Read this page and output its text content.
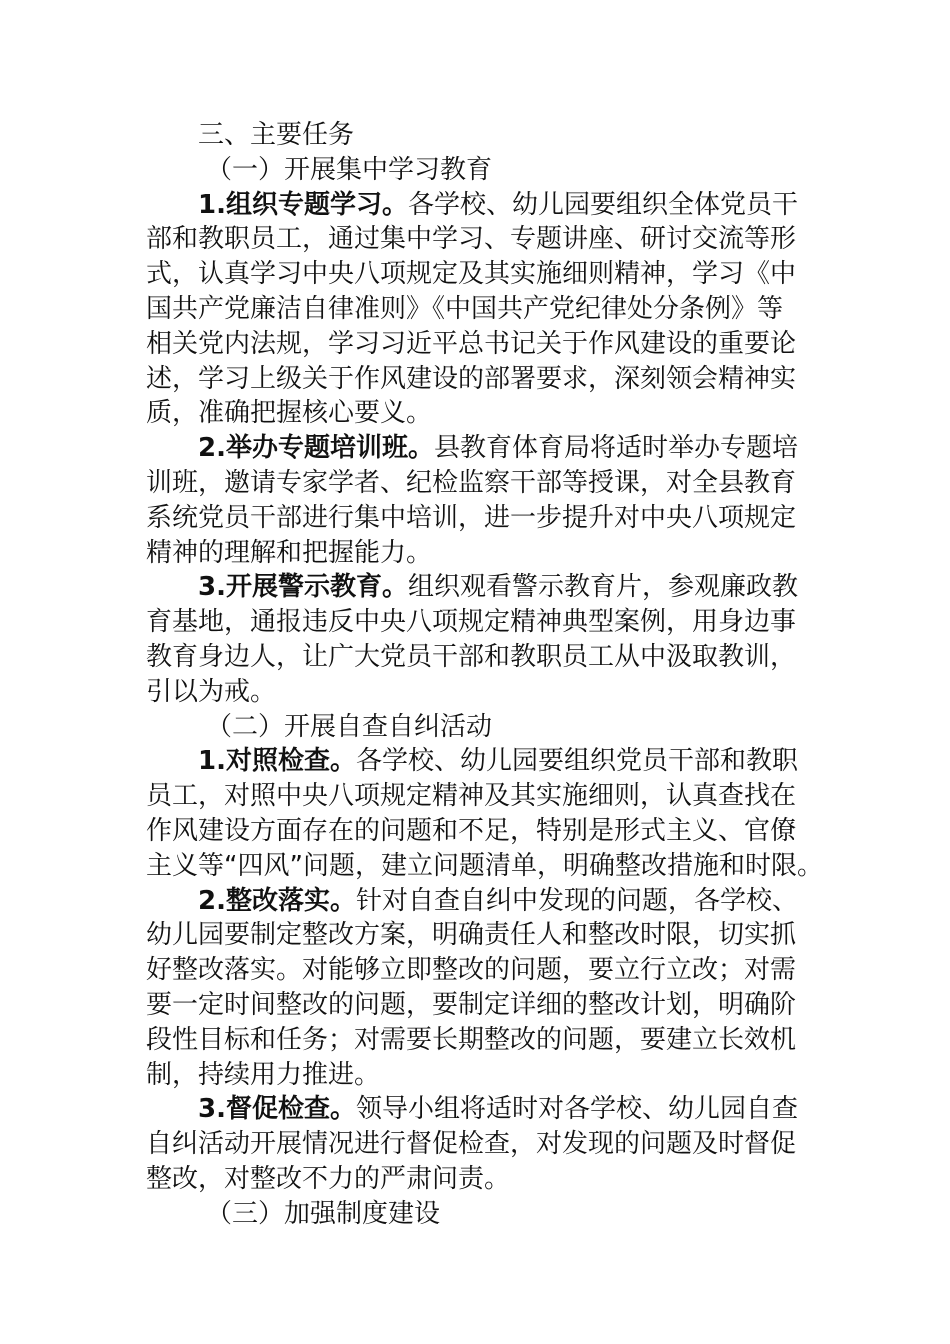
三、主要任务

（一）开展集中学习教育

1.组织专题学习。各学校、幼儿园要组织全体党员干

部和教职员工，通过集中学习、专题讲座、研讨交流等形

式，认真学习中央八项规定及其实施细则精神，学习《中

国共产党廉洁自律准则》《中国共产党纪律处分条例》等

相关党内法规，学习习近平总书记关于作风建设的重要论

述，学习上级关于作风建设的部署要求，深刻领会精神实

质，准确把握核心要义。

2.举办专题培训班。县教育体育局将适时举办专题培

训班，邀请专家学者、纪检监察干部等授课，对全县教育

系统党员干部进行集中培训，进一步提升对中央八项规定

精神的理解和把握能力。

3.开展警示教育。组织观看警示教育片，参观廉政教

育基地，通报违反中央八项规定精神典型案例，用身边事

教育身边人，让广大党员干部和教职员工从中汲取教训，

引以为戒。

（二）开展自查自纠活动

1.对照检查。各学校、幼儿园要组织党员干部和教职

员工，对照中央八项规定精神及其实施细则，认真查找在

作风建设方面存在的问题和不足，特别是形式主义、官僚

主义等“四风”问题，建立问题清单，明确整改措施和时限。

2.整改落实。针对自查自纠中发现的问题，各学校、

幼儿园要制定整改方案，明确责任人和整改时限，切实抓

好整改落实。对能够立即整改的问题，要立行立改；对需

要一定时间整改的问题，要制定详细的整改计划，明确阶

段性目标和任务；对需要长期整改的问题，要建立长效机

制，持续用力推进。

3.督促检查。领导小组将适时对各学校、幼儿园自查

自纠活动开展情况进行督促检查，对发现的问题及时督促

整改，对整改不力的严肃问责。

（三）加强制度建设
